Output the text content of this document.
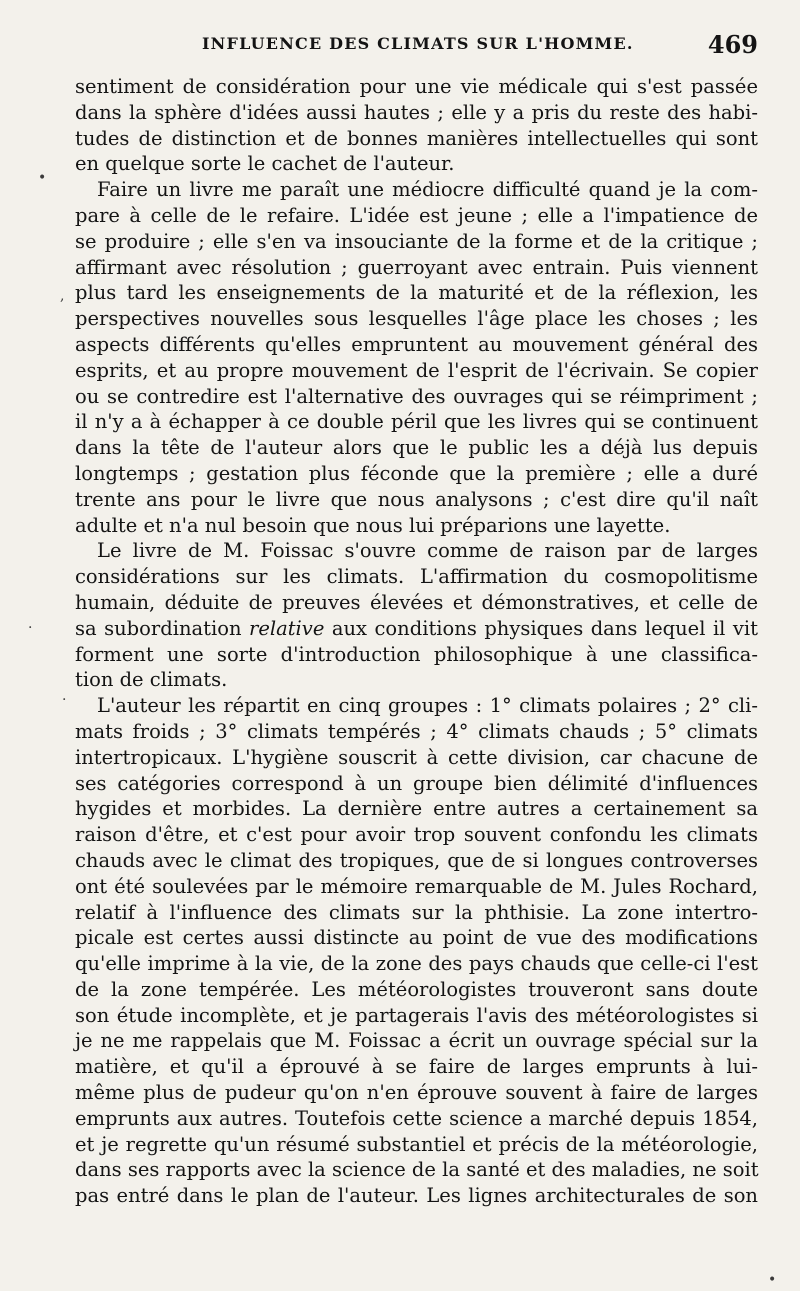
INFLUENCE DES CLIMATS SUR L'HOMME.	469
sentiment de considération pour une vie médicale qui s'est passée
dans la sphère d'idées aussi hautes ; elle y a pris du reste des habi-
tudes de distinction et de bonnes manières intellectuelles qui sont
en quelque sorte le cachet de l'auteur.
Faire un livre me paraît une médiocre difficulté quand je la com-
pare à celle de le refaire. L'idée est jeune ; elle a l'impatience de
se produire ; elle s'en va insouciante de la forme et de la critique ;
affirmant avec résolution ; guerroyant avec entrain. Puis viennent
plus tard les enseignements de la maturité et de la réflexion, les
perspectives nouvelles sous lesquelles l'âge place les choses ; les
aspects différents qu'elles empruntent au mouvement général des
esprits, et au propre mouvement de l'esprit de l'écrivain. Se copier
ou se contredire est l'alternative des ouvrages qui se réimpriment ;
il n'y a à échapper à ce double péril que les livres qui se continuent
dans la tête de l'auteur alors que le public les a déjà lus depuis
longtemps ; gestation plus féconde que la première ; elle a duré
trente ans pour le livre que nous analysons ; c'est dire qu'il naît
adulte et n'a nul besoin que nous lui préparions une layette.
Le livre de M. Foissac s'ouvre comme de raison par de larges
considérations sur les climats. L'affirmation du cosmopolitisme
humain, déduite de preuves élevées et démonstratives, et celle de
sa subordination relative aux conditions physiques dans lequel il vit
forment une sorte d'introduction philosophique à une classifica-
tion de climats.
L'auteur les répartit en cinq groupes : 1° climats polaires ; 2° cli-
mats froids ; 3° climats tempérés ; 4° climats chauds ; 5° climats
intertropicaux. L'hygiène souscrit à cette division, car chacune de
ses catégories correspond à un groupe bien délimité d'influences
hygides et morbides. La dernière entre autres a certainement sa
raison d'être, et c'est pour avoir trop souvent confondu les climats
chauds avec le climat des tropiques, que de si longues controverses
ont été soulevées par le mémoire remarquable de M. Jules Rochard,
relatif à l'influence des climats sur la phthisie. La zone intertro-
picale est certes aussi distincte au point de vue des modifications
qu'elle imprime à la vie, de la zone des pays chauds que celle-ci l'est
de la zone tempérée. Les météorologistes trouveront sans doute
son étude incomplète, et je partagerais l'avis des météorologistes si
je ne me rappelais que M. Foissac a écrit un ouvrage spécial sur la
matière, et qu'il a éprouvé à se faire de larges emprunts à lui-
même plus de pudeur qu'on n'en éprouve souvent à faire de larges
emprunts aux autres. Toutefois cette science a marché depuis 1854,
et je regrette qu'un résumé substantiel et précis de la météorologie,
dans ses rapports avec la science de la santé et des maladies, ne soit
pas entré dans le plan de l'auteur. Les lignes architecturales de son
•
,
·
·
•
